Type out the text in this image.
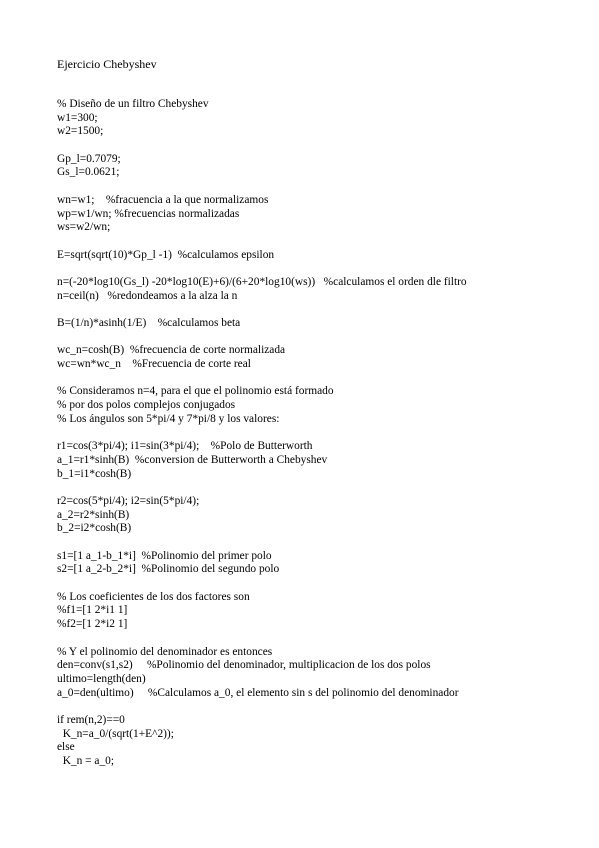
Ejercicio Chebyshev
% Diseño de un filtro Chebyshev
w1=300;
w2=1500;
Gp_l=0.7079;
Gs_l=0.0621;
wn=w1;    %fracuencia a la que normalizamos
wp=w1/wn; %frecuencias normalizadas
ws=w2/wn;
E=sqrt(sqrt(10)*Gp_l -1)  %calculamos epsilon
n=(-20*log10(Gs_l) -20*log10(E)+6)/(6+20*log10(ws))   %calculamos el orden dle filtro
n=ceil(n)   %redondeamos a la alza la n
B=(1/n)*asinh(1/E)    %calculamos beta
wc_n=cosh(B)  %frecuencia de corte normalizada
wc=wn*wc_n    %Frecuencia de corte real
% Consideramos n=4, para el que el polinomio está formado
% por dos polos complejos conjugados
% Los ángulos son 5*pi/4 y 7*pi/8 y los valores:
r1=cos(3*pi/4); i1=sin(3*pi/4);    %Polo de Butterworth
a_1=r1*sinh(B)  %conversion de Butterworth a Chebyshev
b_1=i1*cosh(B)
r2=cos(5*pi/4); i2=sin(5*pi/4);
a_2=r2*sinh(B)
b_2=i2*cosh(B)
s1=[1 a_1-b_1*i]  %Polinomio del primer polo
s2=[1 a_2-b_2*i]  %Polinomio del segundo polo
% Los coeficientes de los dos factores son
%f1=[1 2*i1 1]
%f2=[1 2*i2 1]
% Y el polinomio del denominador es entonces
den=conv(s1,s2)     %Polinomio del denominador, multiplicacion de los dos polos
ultimo=length(den)
a_0=den(ultimo)     %Calculamos a_0, el elemento sin s del polinomio del denominador
if rem(n,2)==0
K_n=a_0/(sqrt(1+E^2));
else
K_n = a_0;
